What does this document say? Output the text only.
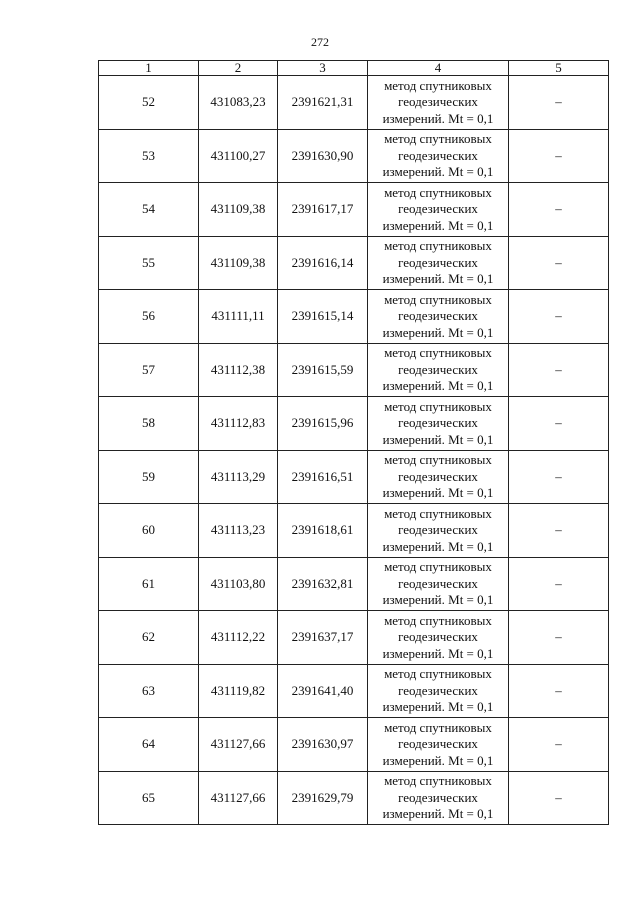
272
1	2	3	4	5
52	431083,23	2391621,31	метод спутниковых
геодезических
измерений. Mt = 0,1	–
53	431100,27	2391630,90	метод спутниковых
геодезических
измерений. Mt = 0,1	–
54	431109,38	2391617,17	метод спутниковых
геодезических
измерений. Mt = 0,1	–
55	431109,38	2391616,14	метод спутниковых
геодезических
измерений. Mt = 0,1	–
56	431111,11	2391615,14	метод спутниковых
геодезических
измерений. Mt = 0,1	–
57	431112,38	2391615,59	метод спутниковых
геодезических
измерений. Mt = 0,1	–
58	431112,83	2391615,96	метод спутниковых
геодезических
измерений. Mt = 0,1	–
59	431113,29	2391616,51	метод спутниковых
геодезических
измерений. Mt = 0,1	–
60	431113,23	2391618,61	метод спутниковых
геодезических
измерений. Mt = 0,1	–
61	431103,80	2391632,81	метод спутниковых
геодезических
измерений. Mt = 0,1	–
62	431112,22	2391637,17	метод спутниковых
геодезических
измерений. Mt = 0,1	–
63	431119,82	2391641,40	метод спутниковых
геодезических
измерений. Mt = 0,1	–
64	431127,66	2391630,97	метод спутниковых
геодезических
измерений. Mt = 0,1	–
65	431127,66	2391629,79	метод спутниковых
геодезических
измерений. Mt = 0,1	–
